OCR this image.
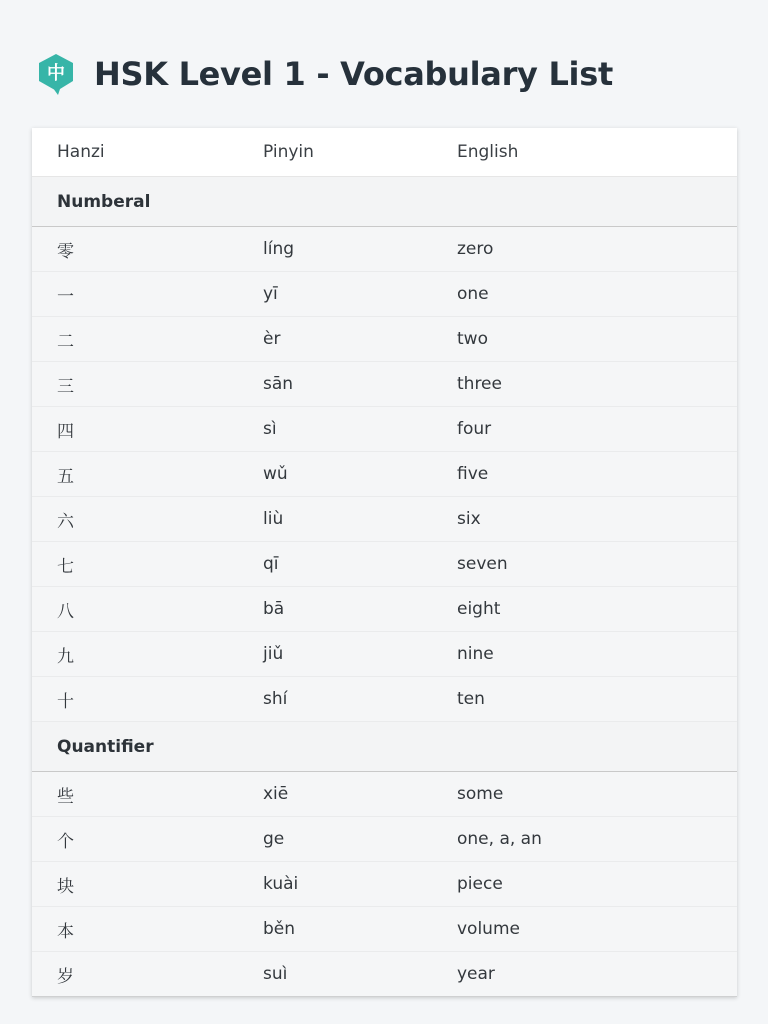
中 HSK Level 1 - Vocabulary List
Hanzi	Pinyin	English
Numberal		
零	líng	zero
一	yī	one
二	èr	two
三	sān	three
四	sì	four
五	wǔ	five
六	liù	six
七	qī	seven
八	bā	eight
九	jiǔ	nine
十	shí	ten
Quantifier		
些	xiē	some
个	ge	one, a, an
块	kuài	piece
本	běn	volume
岁	suì	year
